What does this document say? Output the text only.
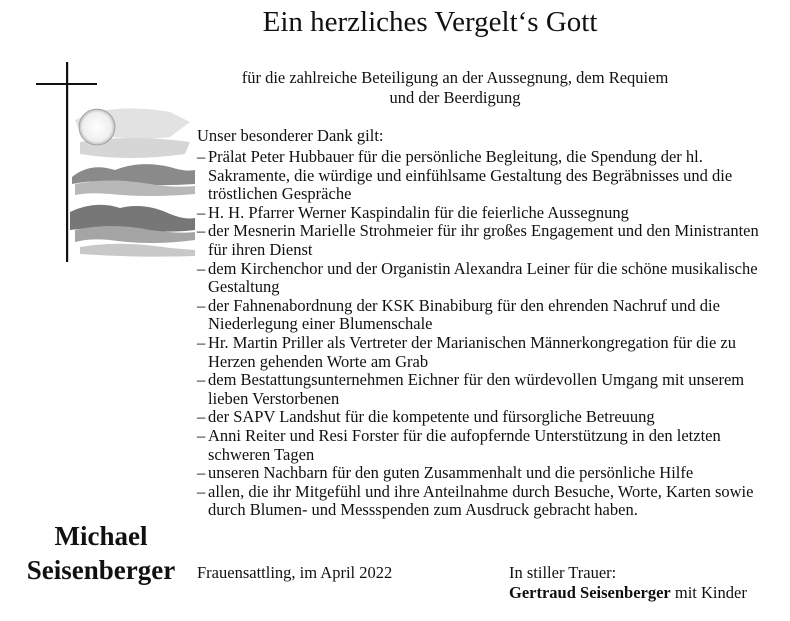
Ein herzliches Vergelt‘s Gott
für die zahlreiche Beteiligung an der Aussegnung, dem Requiem
und der Beerdigung
Unser besonderer Dank gilt:
– Prälat Peter Hubbauer für die persönliche Begleitung, die Spendung der hl. Sakramente, die würdige und einfühlsame Gestaltung des Begräbnisses und die tröstlichen Gespräche
– H. H. Pfarrer Werner Kaspindalin für die feierliche Aussegnung
– der Mesnerin Marielle Strohmeier für ihr großes Engagement und den Ministranten für ihren Dienst
– dem Kirchenchor und der Organistin Alexandra Leiner für die schöne musikalische Gestaltung
– der Fahnenabordnung der KSK Binabiburg für den ehrenden Nachruf und die Niederlegung einer Blumenschale
– Hr. Martin Priller als Vertreter der Marianischen Männerkongregation für die zu Herzen gehenden Worte am Grab
– dem Bestattungsunternehmen Eichner für den würdevollen Umgang mit unserem lieben Verstorbenen
– der SAPV Landshut für die kompetente und fürsorgliche Betreuung
– Anni Reiter und Resi Forster für die aufopfernde Unterstützung in den letzten schweren Tagen
– unseren Nachbarn für den guten Zusammenhalt und die persönliche Hilfe
– allen, die ihr Mitgefühl und ihre Anteilnahme durch Besuche, Worte, Karten sowie durch Blumen- und Messspenden zum Ausdruck gebracht haben.
Michael
Seisenberger	Frauensattling, im April 2022	In stiller Trauer:
Gertraud Seisenberger mit Kinder
